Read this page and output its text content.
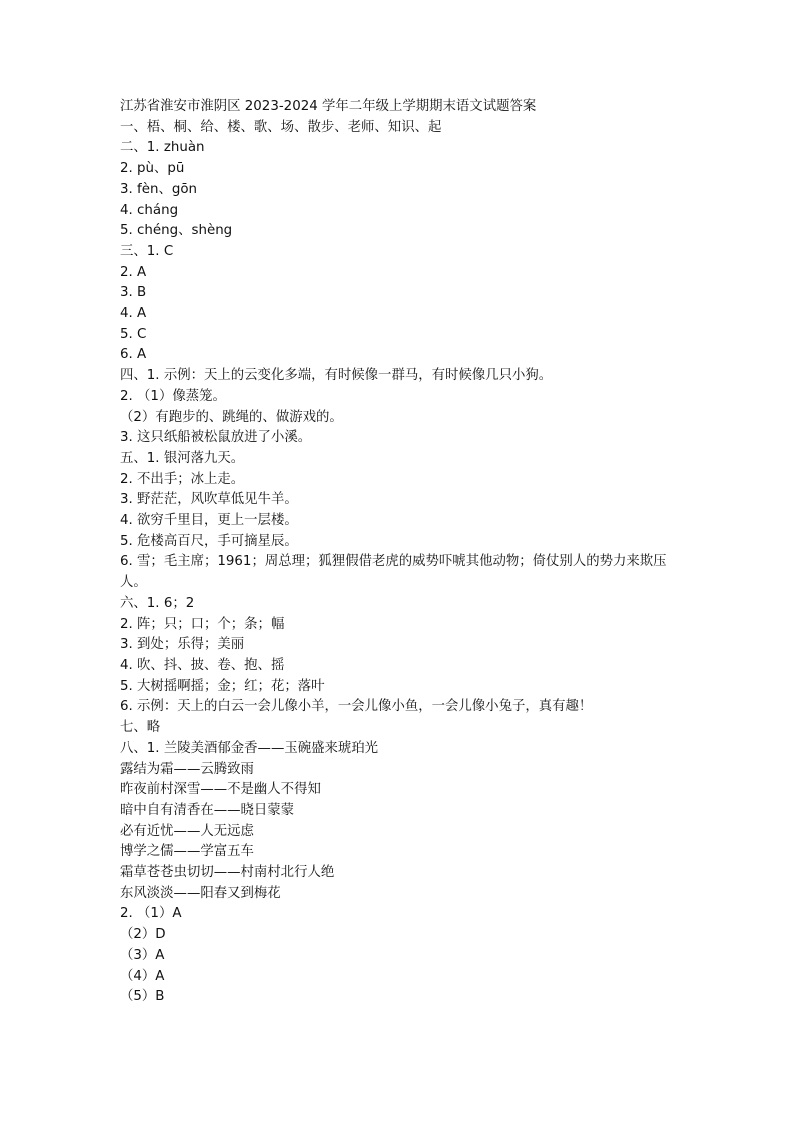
江苏省淮安市淮阴区 2023-2024 学年二年级上学期期末语文试题答案
一、梧、桐、给、楼、歌、场、散步、老师、知识、起
二、1. zhuàn
2. pù、pū
3. fèn、gōn
4. cháng
5. chéng、shèng
三、1. C
2. A
3. B
4. A
5. C
6. A
四、1. 示例：天上的云变化多端，有时候像一群马，有时候像几只小狗。
2. （1）像蒸笼。
（2）有跑步的、跳绳的、做游戏的。
3. 这只纸船被松鼠放进了小溪。
五、1. 银河落九天。
2. 不出手；冰上走。
3. 野茫茫，风吹草低见牛羊。
4. 欲穷千里目，更上一层楼。
5. 危楼高百尺，手可摘星辰。
6. 雪；毛主席；1961；周总理；狐狸假借老虎的威势吓唬其他动物；倚仗别人的势力来欺压人。
六、1. 6；2
2. 阵；只；口；个；条；幅
3. 到处；乐得；美丽
4. 吹、抖、披、卷、抱、摇
5. 大树摇啊摇；金；红；花；落叶
6. 示例：天上的白云一会儿像小羊，一会儿像小鱼，一会儿像小兔子，真有趣！
七、略
八、1. 兰陵美酒郁金香——玉碗盛来琥珀光
露结为霜——云腾致雨
昨夜前村深雪——不是幽人不得知
暗中自有清香在——晓日蒙蒙
必有近忧——人无远虑
博学之儒——学富五车
霜草苍苍虫切切——村南村北行人绝
东风淡淡——阳春又到梅花
2. （1）A
（2）D
（3）A
（4）A
（5）B
